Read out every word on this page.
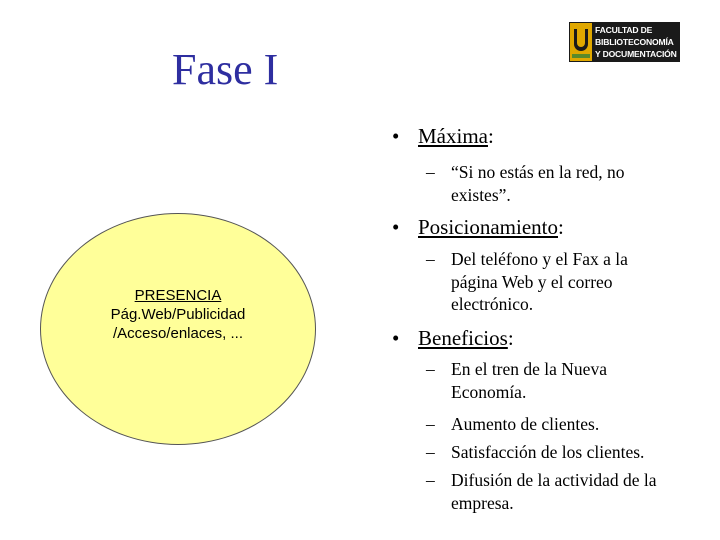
Fase I
FACULTAD DE
BIBLIOTECONOMÍA
Y DOCUMENTACIÓN
PRESENCIA
Pág.Web/Publicidad
/Acceso/enlaces, ...
• Máxima:
– “Si no estás en la red, no existes”.
• Posicionamiento:
– Del teléfono y el Fax a la página Web y el correo electrónico.
• Beneficios:
– En el tren de la Nueva Economía.
– Aumento de clientes.
– Satisfacción de los clientes.
– Difusión de la actividad de la empresa.
